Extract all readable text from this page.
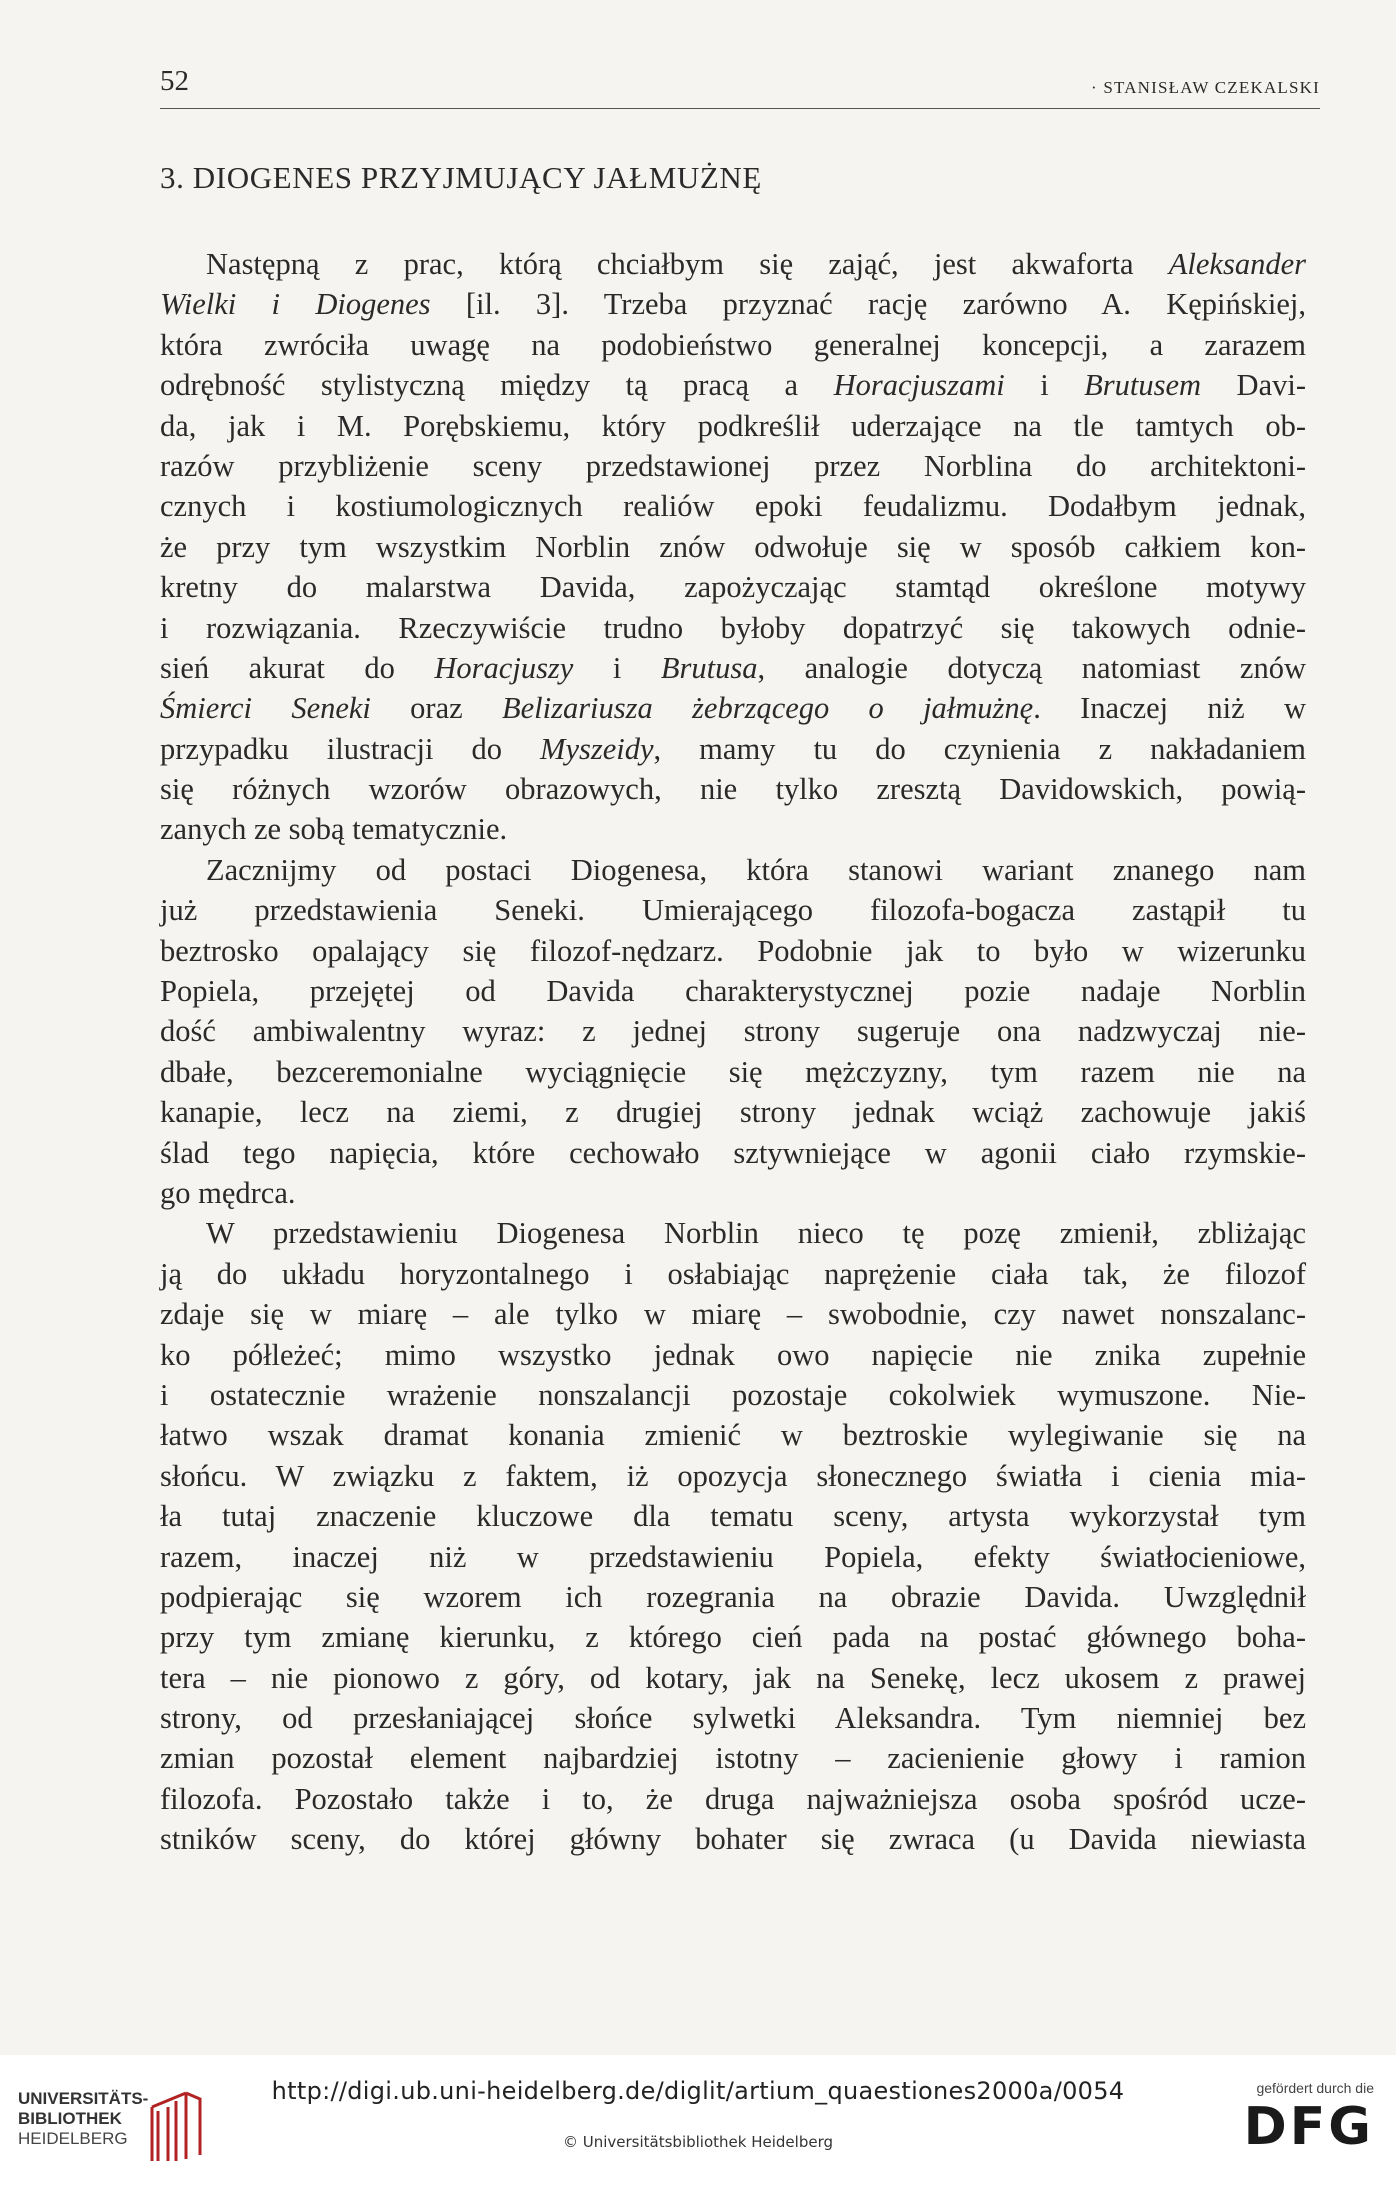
52	· STANISŁAW CZEKALSKI
3. DIOGENES PRZYJMUJĄCY JAŁMUŻNĘ
Następną z prac, którą chciałbym się zająć, jest akwaforta Aleksander
Wielki i Diogenes [il. 3]. Trzeba przyznać rację zarówno A. Kępińskiej,
która zwróciła uwagę na podobieństwo generalnej koncepcji, a zarazem
odrębność stylistyczną między tą pracą a Horacjuszami i Brutusem Davi-
da, jak i M. Porębskiemu, który podkreślił uderzające na tle tamtych ob-
razów przybliżenie sceny przedstawionej przez Norblina do architektoni-
cznych i kostiumologicznych realiów epoki feudalizmu. Dodałbym jednak,
że przy tym wszystkim Norblin znów odwołuje się w sposób całkiem kon-
kretny do malarstwa Davida, zapożyczając stamtąd określone motywy
i rozwiązania. Rzeczywiście trudno byłoby dopatrzyć się takowych odnie-
sień akurat do Horacjuszy i Brutusa, analogie dotyczą natomiast znów
Śmierci Seneki oraz Belizariusza żebrzącego o jałmużnę. Inaczej niż w
przypadku ilustracji do Myszeidy, mamy tu do czynienia z nakładaniem
się różnych wzorów obrazowych, nie tylko zresztą Davidowskich, powią-
zanych ze sobą tematycznie.
Zacznijmy od postaci Diogenesa, która stanowi wariant znanego nam
już przedstawienia Seneki. Umierającego filozofa-bogacza zastąpił tu
beztrosko opalający się filozof-nędzarz. Podobnie jak to było w wizerunku
Popiela, przejętej od Davida charakterystycznej pozie nadaje Norblin
dość ambiwalentny wyraz: z jednej strony sugeruje ona nadzwyczaj nie-
dbałe, bezceremonialne wyciągnięcie się mężczyzny, tym razem nie na
kanapie, lecz na ziemi, z drugiej strony jednak wciąż zachowuje jakiś
ślad tego napięcia, które cechowało sztywniejące w agonii ciało rzymskie-
go mędrca.
W przedstawieniu Diogenesa Norblin nieco tę pozę zmienił, zbliżając
ją do układu horyzontalnego i osłabiając naprężenie ciała tak, że filozof
zdaje się w miarę – ale tylko w miarę – swobodnie, czy nawet nonszalanc-
ko półleżeć; mimo wszystko jednak owo napięcie nie znika zupełnie
i ostatecznie wrażenie nonszalancji pozostaje cokolwiek wymuszone. Nie-
łatwo wszak dramat konania zmienić w beztroskie wylegiwanie się na
słońcu. W związku z faktem, iż opozycja słonecznego światła i cienia mia-
ła tutaj znaczenie kluczowe dla tematu sceny, artysta wykorzystał tym
razem, inaczej niż w przedstawieniu Popiela, efekty światłocieniowe,
podpierając się wzorem ich rozegrania na obrazie Davida. Uwzględnił
przy tym zmianę kierunku, z którego cień pada na postać głównego boha-
tera – nie pionowo z góry, od kotary, jak na Senekę, lecz ukosem z prawej
strony, od przesłaniającej słońce sylwetki Aleksandra. Tym niemniej bez
zmian pozostał element najbardziej istotny – zacienienie głowy i ramion
filozofa. Pozostało także i to, że druga najważniejsza osoba spośród ucze-
stników sceny, do której główny bohater się zwraca (u Davida niewiasta
UNIVERSITÄTS-
BIBLIOTHEK
HEIDELBERG
http://digi.ub.uni-heidelberg.de/diglit/artium_quaestiones2000a/0054
© Universitätsbibliothek Heidelberg
gefördert durch die
DFG
